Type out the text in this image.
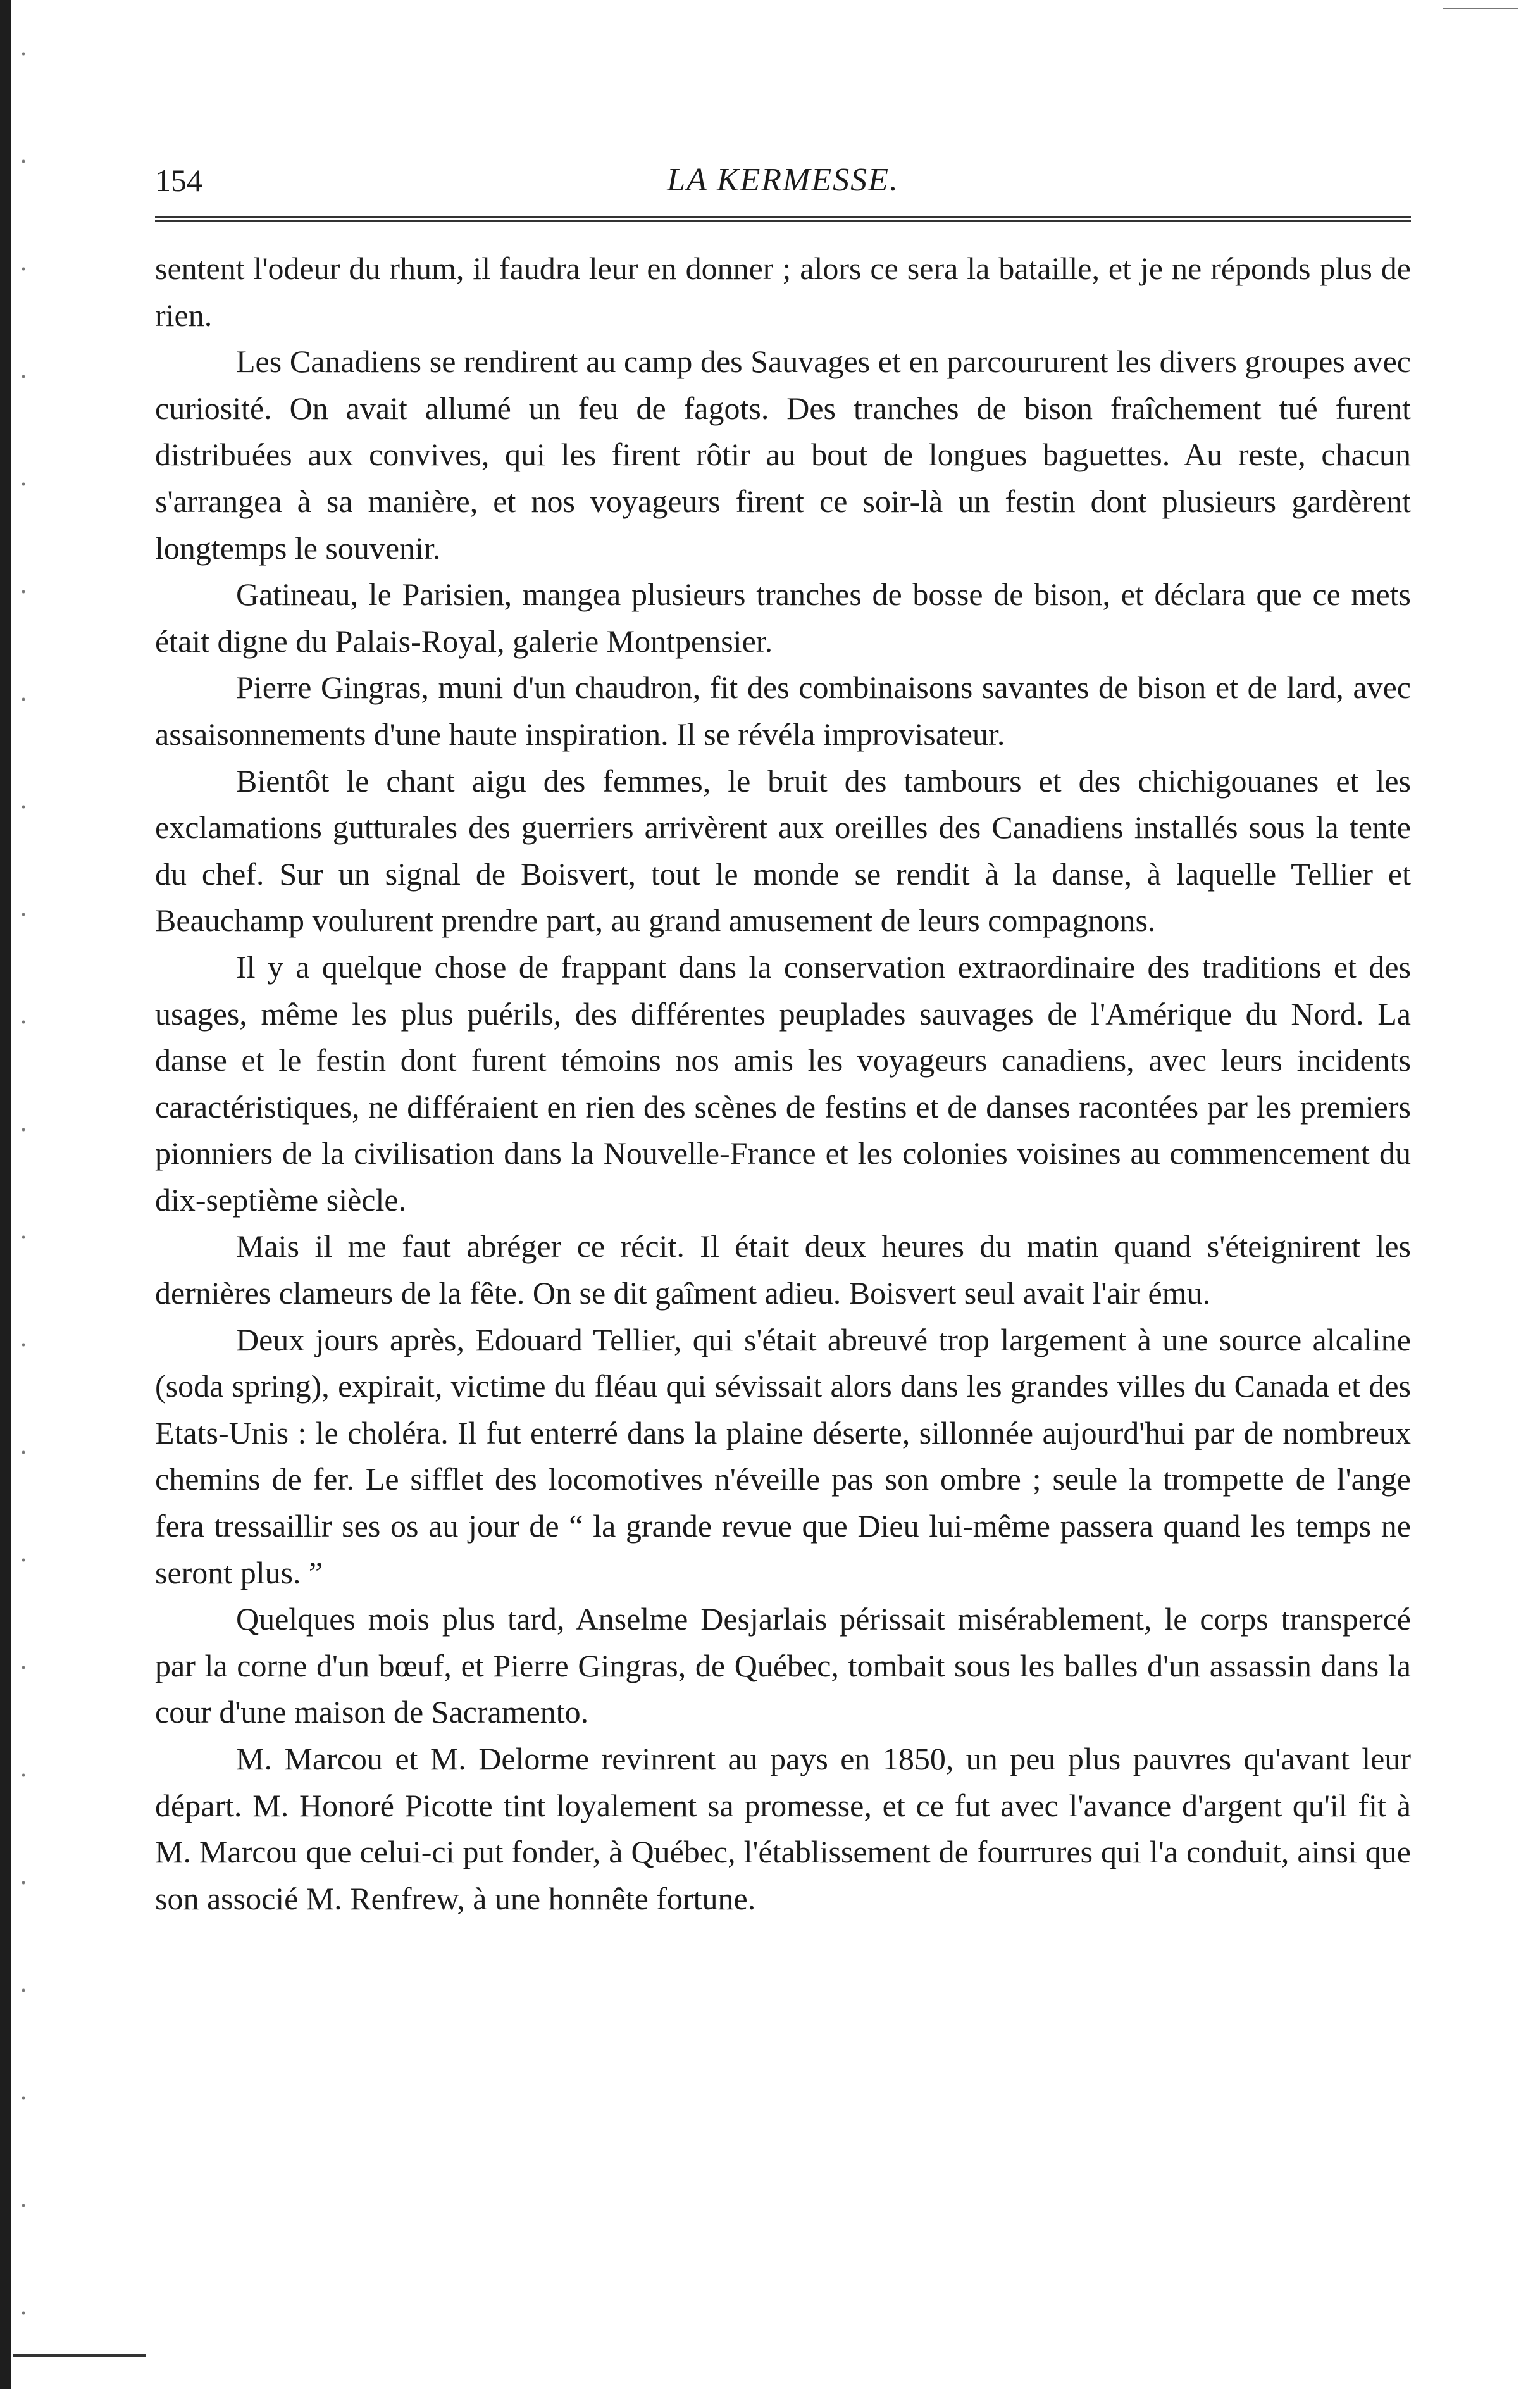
154	LA KERMESSE.

sentent l'odeur du rhum, il faudra leur en donner ; alors ce sera la bataille, et je ne réponds plus de rien.

Les Canadiens se rendirent au camp des Sauvages et en parcoururent les divers groupes avec curiosité. On avait allumé un feu de fagots. Des tranches de bison fraîchement tué furent distribuées aux convives, qui les firent rôtir au bout de longues baguettes. Au reste, chacun s'arrangea à sa manière, et nos voyageurs firent ce soir-là un festin dont plusieurs gardèrent longtemps le souvenir.

Gatineau, le Parisien, mangea plusieurs tranches de bosse de bison, et déclara que ce mets était digne du Palais-Royal, galerie Montpensier.

Pierre Gingras, muni d'un chaudron, fit des combinaisons savantes de bison et de lard, avec assaisonnements d'une haute inspiration. Il se révéla improvisateur.

Bientôt le chant aigu des femmes, le bruit des tambours et des chichigouanes et les exclamations gutturales des guerriers arrivèrent aux oreilles des Canadiens installés sous la tente du chef. Sur un signal de Boisvert, tout le monde se rendit à la danse, à laquelle Tellier et Beauchamp voulurent prendre part, au grand amusement de leurs compagnons.

Il y a quelque chose de frappant dans la conservation extraordinaire des traditions et des usages, même les plus puérils, des différentes peuplades sauvages de l'Amérique du Nord. La danse et le festin dont furent témoins nos amis les voyageurs canadiens, avec leurs incidents caractéristiques, ne différaient en rien des scènes de festins et de danses racontées par les premiers pionniers de la civilisation dans la Nouvelle-France et les colonies voisines au commencement du dix-septième siècle.

Mais il me faut abréger ce récit. Il était deux heures du matin quand s'éteignirent les dernières clameurs de la fête. On se dit gaîment adieu. Boisvert seul avait l'air ému.

Deux jours après, Edouard Tellier, qui s'était abreuvé trop largement à une source alcaline (soda spring), expirait, victime du fléau qui sévissait alors dans les grandes villes du Canada et des Etats-Unis : le choléra. Il fut enterré dans la plaine déserte, sillonnée aujourd'hui par de nombreux chemins de fer. Le sifflet des locomotives n'éveille pas son ombre ; seule la trompette de l'ange fera tressaillir ses os au jour de “ la grande revue que Dieu lui-même passera quand les temps ne seront plus. ”

Quelques mois plus tard, Anselme Desjarlais périssait misérablement, le corps transpercé par la corne d'un bœuf, et Pierre Gingras, de Québec, tombait sous les balles d'un assassin dans la cour d'une maison de Sacramento.

M. Marcou et M. Delorme revinrent au pays en 1850, un peu plus pauvres qu'avant leur départ. M. Honoré Picotte tint loyalement sa promesse, et ce fut avec l'avance d'argent qu'il fit à M. Marcou que celui-ci put fonder, à Québec, l'établissement de fourrures qui l'a conduit, ainsi que son associé M. Renfrew, à une honnête fortune.
